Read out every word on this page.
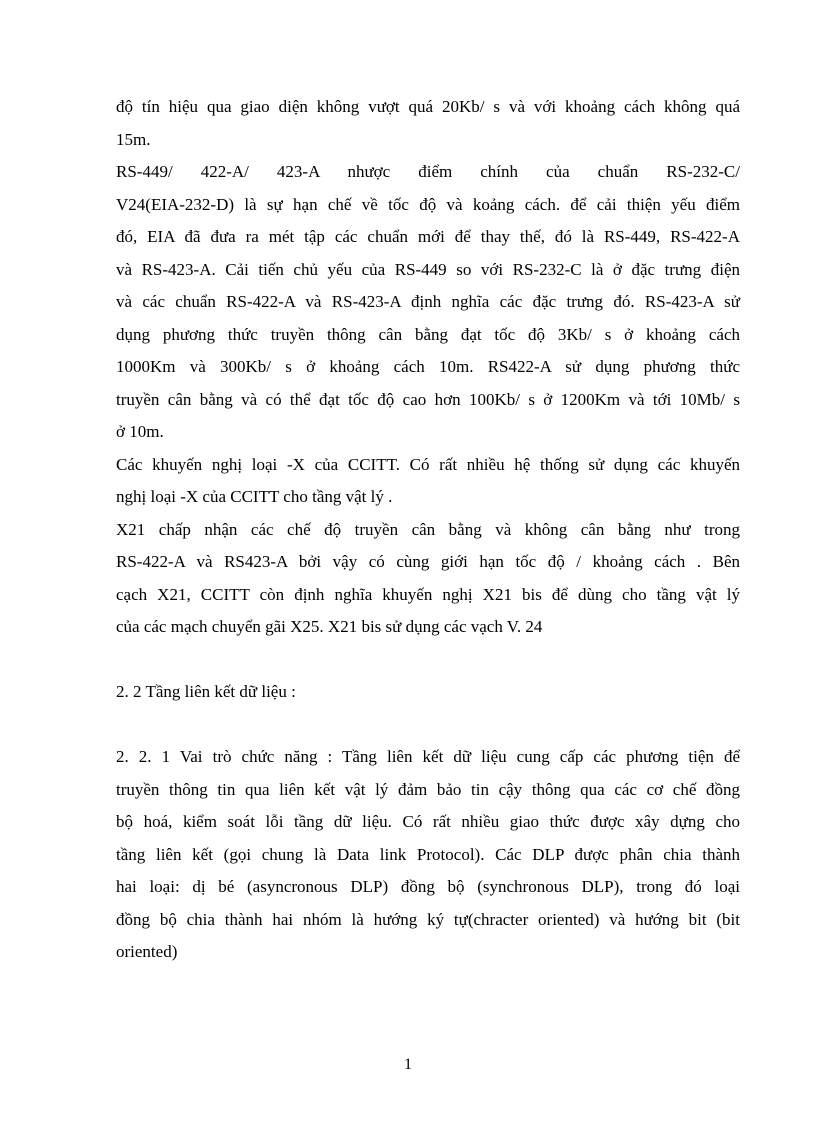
độ tín hiệu qua giao diện không vượt quá 20Kb/ s và với khoảng cách không quá
15m.
RS-449/ 422-A/ 423-A nhược điểm chính của chuẩn RS-232-C/
V24(EIA-232-D) là sự hạn chế về tốc độ và koảng cách. để cải thiện yếu điểm
đó, EIA đã đưa ra mét tập các chuẩn mới để thay thế, đó là RS-449, RS-422-A
và RS-423-A. Cải tiến chủ yếu của RS-449 so với RS-232-C là ở đặc trưng điện
và các chuẩn RS-422-A và RS-423-A định nghĩa các đặc trưng đó. RS-423-A sử
dụng phương thức truyền thông cân bằng đạt tốc độ 3Kb/ s ở khoảng cách
1000Km và 300Kb/ s ở khoảng cách 10m. RS422-A sử dụng phương thức
truyền cân bằng và có thể đạt tốc độ cao hơn 100Kb/ s ở 1200Km và tới 10Mb/ s
ở 10m.
Các khuyến nghị loại -X của CCITT. Có rất nhiều hệ thống sử dụng các khuyến
nghị loại -X của CCITT cho tầng vật lý .
X21 chấp nhận các chế độ truyền cân bằng và không cân bằng như trong
RS-422-A và RS423-A bởi vậy có cùng giới hạn tốc độ / khoảng cách . Bên
cạch X21, CCITT còn định nghĩa khuyến nghị X21 bis để dùng cho tầng vật lý
của các mạch chuyển gãi X25. X21 bis sử dụng các vạch V. 24
2. 2 Tầng liên kết dữ liệu :
2. 2. 1 Vai trò chức năng : Tầng liên kết dữ liệu cung cấp các phương tiện để
truyền thông tin qua liên kết vật lý đảm bảo tin cậy thông qua các cơ chế đồng
bộ hoá, kiểm soát lỗi tầng dữ liệu. Có rất nhiều giao thức được xây dựng cho
tầng liên kết (gọi chung là Data link Protocol). Các DLP được phân chia thành
hai loại: dị bé (asyncronous DLP) đồng bộ (synchronous DLP), trong đó loại
đồng bộ chia thành hai nhóm là hướng ký tự(chracter oriented) và hướng bit (bit
oriented)
1
